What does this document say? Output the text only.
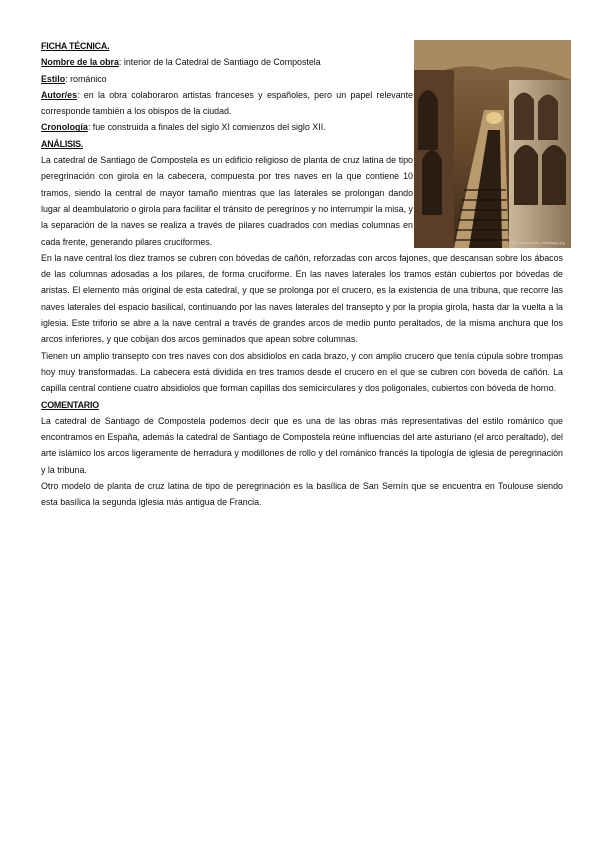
http://www.fotos.../santiago.jpg
FICHA TÉCNICA.

Nombre de la obra: interior de la Catedral de Santiago de Compostela

Estilo: románico

Autor/es: en la obra colaboraron artistas franceses y españoles, pero un papel relevante corresponde también a los obispos de la ciudad.

Cronología: fue construida a finales del siglo XI comienzos del siglo XII.

ANÁLISIS.

La catedral de Santiago de Compostela es un edificio religioso de planta de cruz latina de tipo peregrinación con girola en la cabecera, compuesta por tres naves en la que contiene 10 tramos, siendo la central de mayor tamaño mientras que las laterales se prolongan dando lugar al deambulatorio o girola para facilitar el tránsito de peregrinos y no interrumpir la misa, y la separación de la naves se realiza a través de pilares cuadrados con medias columnas en cada frente, generando pilares cruciformes.

En la nave central los diez tramos se cubren con bóvedas de cañón, reforzadas con arcos fajones, que descansan sobre los ábacos de las columnas adosadas a los pilares, de forma cruciforme. En las naves laterales los tramos están cubiertos por bóvedas de aristas. El elemento más original de esta catedral, y que se prolonga por el crucero, es la existencia de una tribuna, que recorre las naves laterales del espacio basilical, continuando por las naves laterales del transepto y por la propia girola, hasta dar la vuelta a la iglesia. Este triforio se abre a la nave central a través de grandes arcos de medio punto peraltados, de la misma anchura que los arcos inferiores, y que cobijan dos arcos geminados que apean sobre columnas.

Tienen un amplio transepto con tres naves con dos absidiolos en cada brazo, y con amplio crucero que tenía cúpula sobre trompas hoy muy transformadas. La cabecera está dividida en tres tramos desde el crucero en el que se cubren con bóveda de cañón. La capilla central contiene cuatro absidiolos que forman capillas dos semicirculares y dos poligonales, cubiertos con bóveda de horno.

COMENTARIO

La catedral de Santiago de Compostela podemos decir que es una de las obras más representativas del estilo románico que encontramos en España, además la catedral de Santiago de Compostela reúne influencias del arte asturiano (el arco peraltado), del arte islámico los arcos ligeramente de herradura y modillones de rollo y del románico francés la tipología de iglesia de peregrinación y la tribuna.

Otro modelo de planta de cruz latina de tipo de peregrinación es la basílica de San Sernín que se encuentra en Toulouse siendo esta basílica la segunda iglesia más antigua de Francia.
